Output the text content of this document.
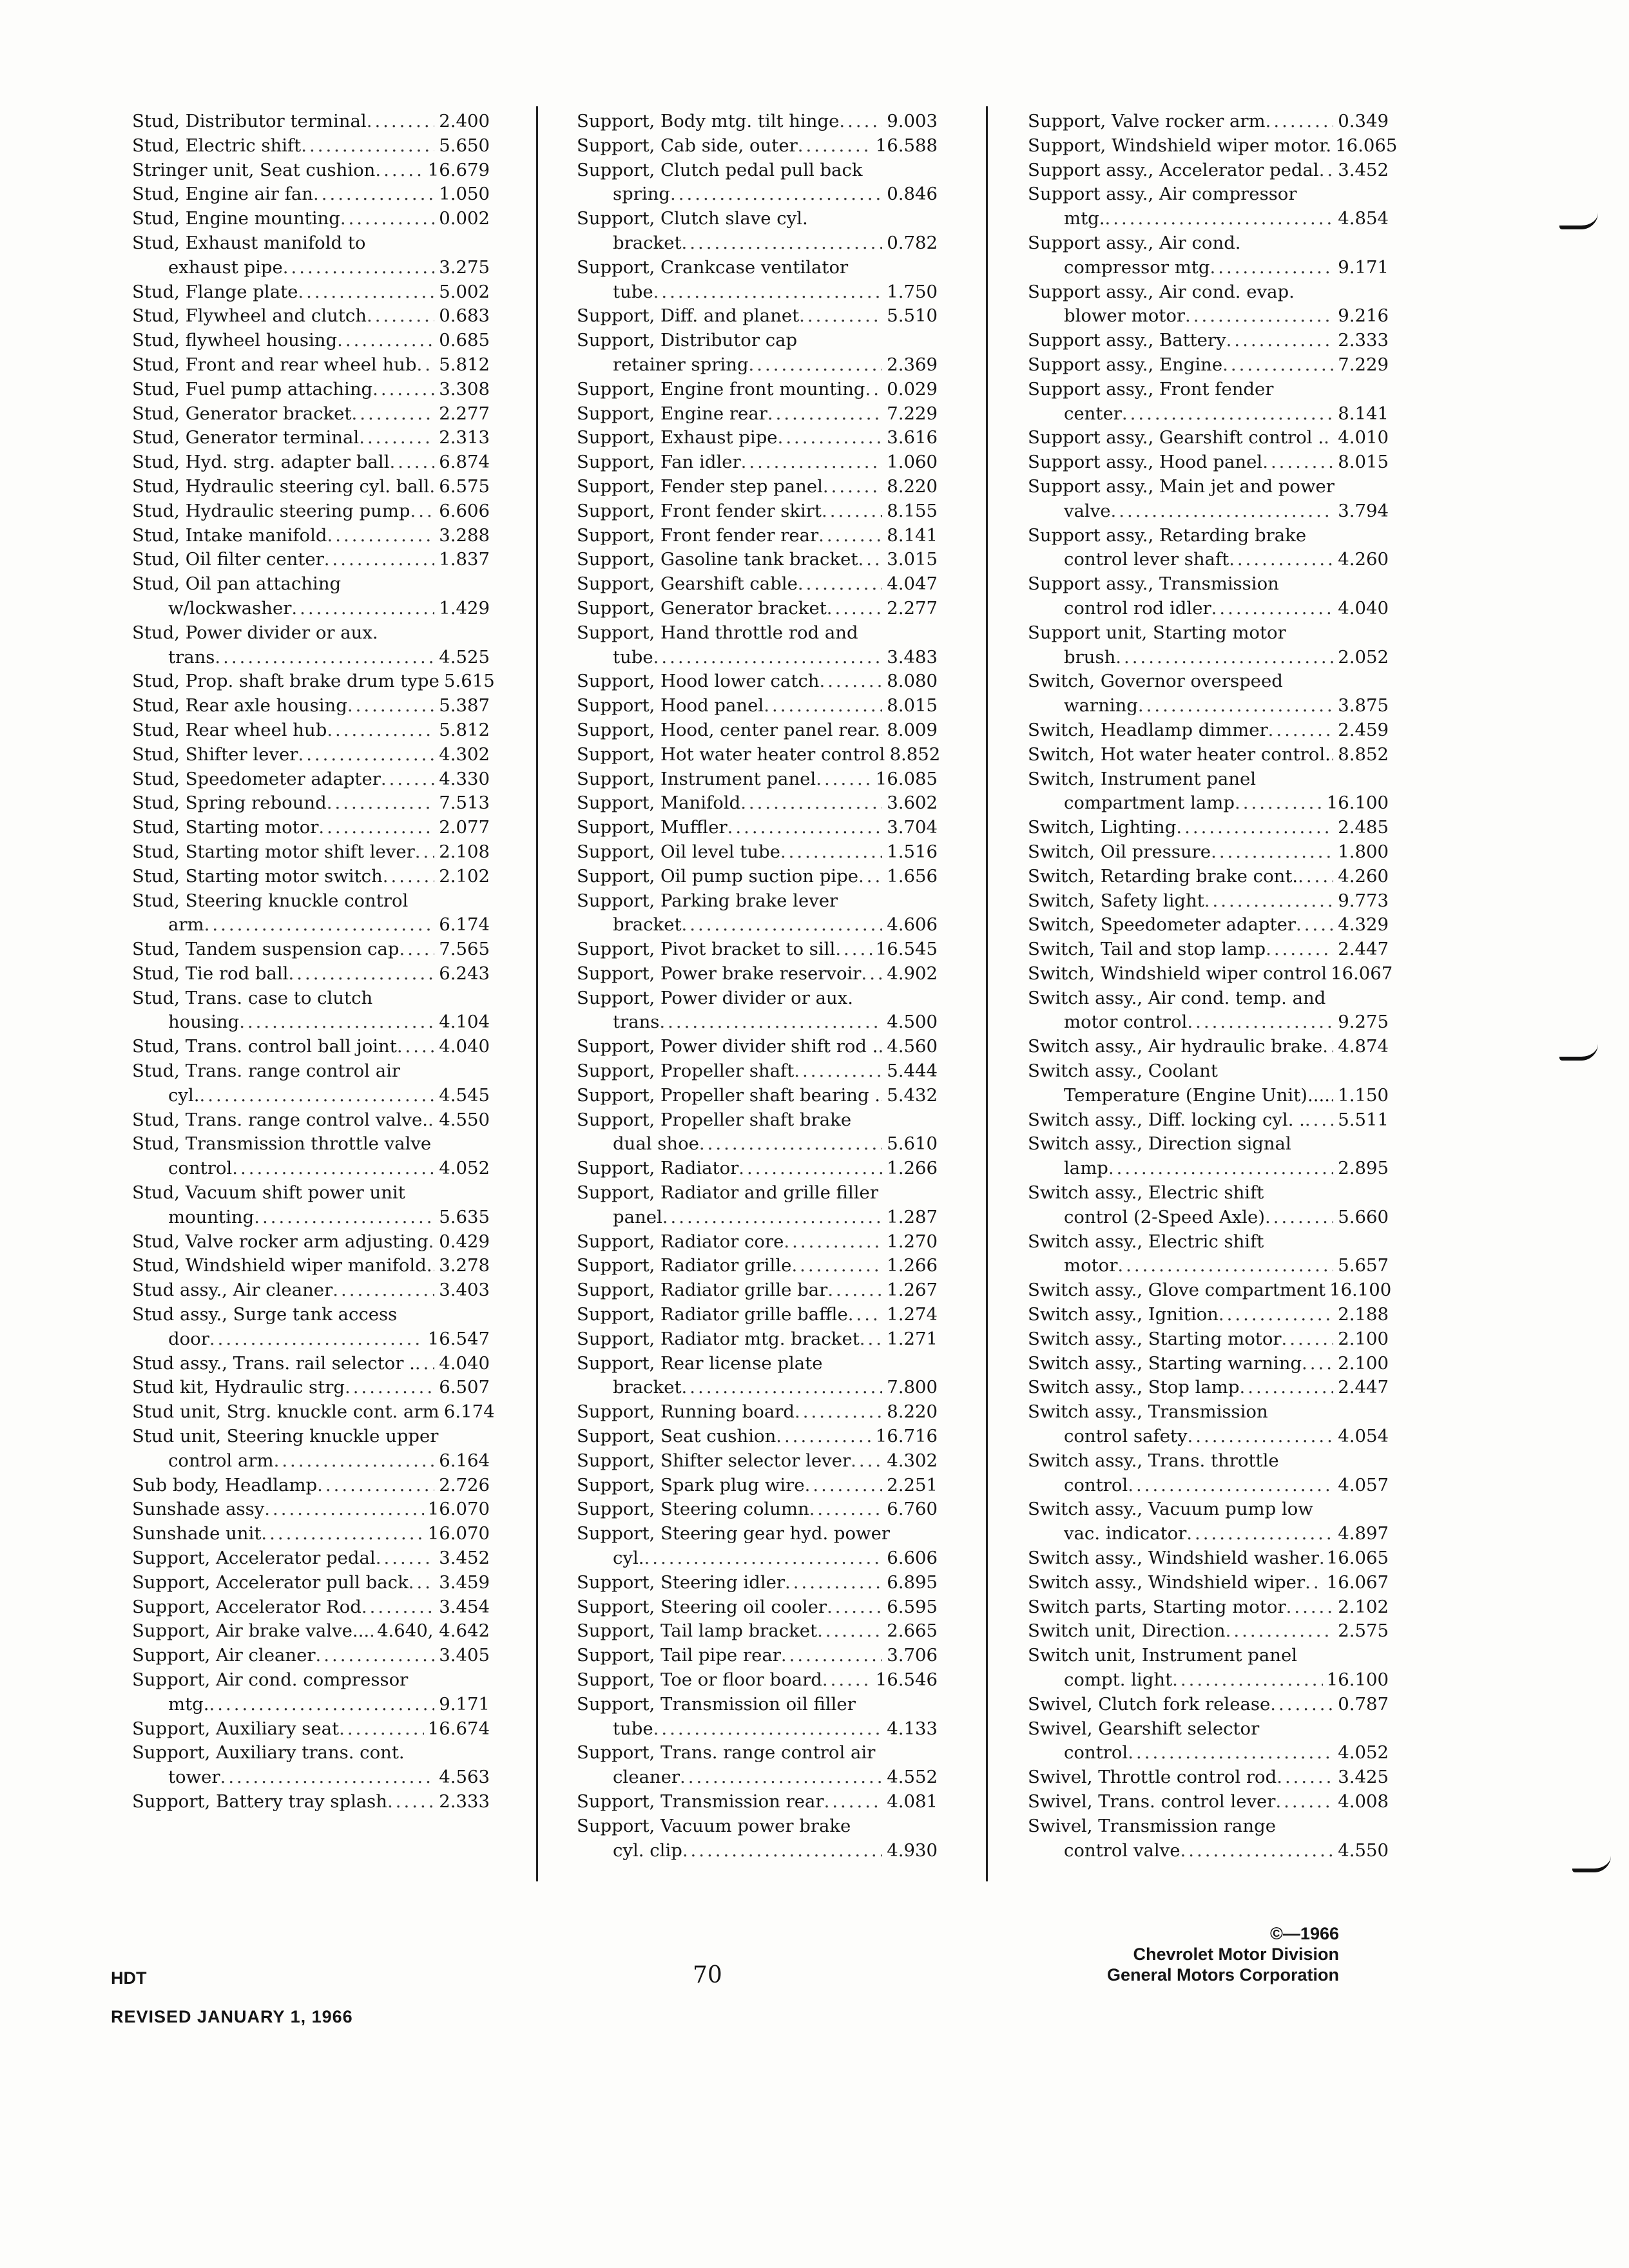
Stud, Distributor terminal .....	2.400
Stud, Electric shift .....	5.650
Stringer unit, Seat cushion .....	16.679
Stud, Engine air fan .....	1.050
Stud, Engine mounting .....	0.002
Stud, Exhaust manifold to
exhaust pipe .....	3.275
Stud, Flange plate .....	5.002
Stud, Flywheel and clutch .....	0.683
Stud, flywheel housing .....	0.685
Stud, Front and rear wheel hub ..... 5.812
Stud, Fuel pump attaching .....	3.308
Stud, Generator bracket .....	2.277
Stud, Generator terminal .....	2.313
Stud, Hyd. strg. adapter ball .....	6.874
Stud, Hydraulic steering cyl. ball ..... 6.575
Stud, Hydraulic steering pump ..... 6.606
Stud, Intake manifold .....	3.288
Stud, Oil filter center .....	1.837
Stud, Oil pan attaching
w/lockwasher .....	1.429
Stud, Power divider or aux.
trans .....	4.525
Stud, Prop. shaft brake drum type 5.615
Stud, Rear axle housing .....	5.387
Stud, Rear wheel hub .....	5.812
Stud, Shifter lever .....	4.302
Stud, Speedometer adapter .....	4.330
Stud, Spring rebound .....	7.513
Stud, Starting motor .....	2.077
Stud, Starting motor shift lever ..... 2.108
Stud, Starting motor switch .....	2.102
Stud, Steering knuckle control
arm .....	6.174
Stud, Tandem suspension cap ..... 7.565
Stud, Tie rod ball .....	6.243
Stud, Trans. case to clutch
housing .....	4.104
Stud, Trans. control ball joint ..... 4.040
Stud, Trans. range control air
cyl. .....	4.545
Stud, Trans. range control valve. ..... 4.550
Stud, Transmission throttle valve
control .....	4.052
Stud, Vacuum shift power unit
mounting .....	5.635
Stud, Valve rocker arm adjusting ..... 0.429
Stud, Windshield wiper manifold. ..... 3.278
Stud assy., Air cleaner .....	3.403
Stud assy., Surge tank access
door .....	16.547
Stud assy., Trans. rail selector . ..... 4.040
Stud kit, Hydraulic strg .....	6.507
Stud unit, Strg. knuckle cont. arm 6.174
Stud unit, Steering knuckle upper
control arm .....	6.164
Sub body, Headlamp .....	2.726
Sunshade assy .....	16.070
Sunshade unit .....	16.070
Support, Accelerator pedal .....	3.452
Support, Accelerator pull back ..... 3.459
Support, Accelerator Rod .....	3.454
Support, Air brake valve... ..... 4.640, 4.642
Support, Air cleaner .....	3.405
Support, Air cond. compressor
mtg. .....	9.171
Support, Auxiliary seat .....	16.674
Support, Auxiliary trans. cont.
tower .....	4.563
Support, Battery tray splash .....	2.333
Support, Body mtg. tilt hinge .....	9.003
Support, Cab side, outer .....	16.588
Support, Clutch pedal pull back
spring .....	0.846
Support, Clutch slave cyl.
bracket .....	0.782
Support, Crankcase ventilator
tube .....	1.750
Support, Diff. and planet .....	5.510
Support, Distributor cap
retainer spring .....	2.369
Support, Engine front mounting ..... 0.029
Support, Engine rear .....	7.229
Support, Exhaust pipe .....	3.616
Support, Fan idler .....	1.060
Support, Fender step panel .....	8.220
Support, Front fender skirt .....	8.155
Support, Front fender rear .....	8.141
Support, Gasoline tank bracket ..... 3.015
Support, Gearshift cable .....	4.047
Support, Generator bracket .....	2.277
Support, Hand throttle rod and
tube .....	3.483
Support, Hood lower catch .....	8.080
Support, Hood panel .....	8.015
Support, Hood, center panel rear. ..... 8.009
Support, Hot water heater control 8.852
Support, Instrument panel .....	16.085
Support, Manifold .....	3.602
Support, Muffler .....	3.704
Support, Oil level tube .....	1.516
Support, Oil pump suction pipe ..... 1.656
Support, Parking brake lever
bracket .....	4.606
Support, Pivot bracket to sill ..... 16.545
Support, Power brake reservoir ..... 4.902
Support, Power divider or aux.
trans .....	4.500
Support, Power divider shift rod . ..... 4.560
Support, Propeller shaft .....	5.444
Support, Propeller shaft bearing . ..... 5.432
Support, Propeller shaft brake
dual shoe .....	5.610
Support, Radiator .....	1.266
Support, Radiator and grille filler
panel .....	1.287
Support, Radiator core .....	1.270
Support, Radiator grille .....	1.266
Support, Radiator grille bar .....	1.267
Support, Radiator grille baffle ..... 1.274
Support, Radiator mtg. bracket ..... 1.271
Support, Rear license plate
bracket .....	7.800
Support, Running board .....	8.220
Support, Seat cushion .....	16.716
Support, Shifter selector lever ..... 4.302
Support, Spark plug wire .....	2.251
Support, Steering column .....	6.760
Support, Steering gear hyd. power
cyl. .....	6.606
Support, Steering idler .....	6.895
Support, Steering oil cooler .....	6.595
Support, Tail lamp bracket .....	2.665
Support, Tail pipe rear .....	3.706
Support, Toe or floor board .....	16.546
Support, Transmission oil filler
tube .....	4.133
Support, Trans. range control air
cleaner .....	4.552
Support, Transmission rear .....	4.081
Support, Vacuum power brake
cyl. clip .....	4.930
Support, Valve rocker arm .....	0.349
Support, Windshield wiper motor. 16.065
Support assy., Accelerator pedal ..... 3.452
Support assy., Air compressor
mtg. .....	4.854
Support assy., Air cond.
compressor mtg .....	9.171
Support assy., Air cond. evap.
blower motor .....	9.216
Support assy., Battery .....	2.333
Support assy., Engine .....	7.229
Support assy., Front fender
center .....	8.141
Support assy., Gearshift control . ..... 4.010
Support assy., Hood panel .....	8.015
Support assy., Main jet and power
valve .....	3.794
Support assy., Retarding brake
control lever shaft .....	4.260
Support assy., Transmission
control rod idler .....	4.040
Support unit, Starting motor
brush .....	2.052
Switch, Governor overspeed
warning .....	3.875
Switch, Headlamp dimmer .....	2.459
Switch, Hot water heater control. ..... 8.852
Switch, Instrument panel
compartment lamp .....	16.100
Switch, Lighting .....	2.485
Switch, Oil pressure .....	1.800
Switch, Retarding brake cont. ..... 4.260
Switch, Safety light .....	9.773
Switch, Speedometer adapter ..... 4.329
Switch, Tail and stop lamp .....	2.447
Switch, Windshield wiper control 16.067
Switch assy., Air cond. temp. and
motor control .....	9.275
Switch assy., Air hydraulic brake ..... 4.874
Switch assy., Coolant
Temperature (Engine Unit).... ..... 1.150
Switch assy., Diff. locking cyl. . ..... 5.511
Switch assy., Direction signal
lamp .....	2.895
Switch assy., Electric shift
control (2-Speed Axle) .....	5.660
Switch assy., Electric shift
motor .....	5.657
Switch assy., Glove compartment 16.100
Switch assy., Ignition .....	2.188
Switch assy., Starting motor .....	2.100
Switch assy., Starting warning ..... 2.100
Switch assy., Stop lamp .....	2.447
Switch assy., Transmission
control safety .....	4.054
Switch assy., Trans. throttle
control .....	4.057
Switch assy., Vacuum pump low
vac. indicator .....	4.897
Switch assy., Windshield washer ..... 16.065
Switch assy., Windshield wiper ..... 16.067
Switch parts, Starting motor .....	2.102
Switch unit, Direction .....	2.575
Switch unit, Instrument panel
compt. light .....	16.100
Swivel, Clutch fork release .....	0.787
Swivel, Gearshift selector
control .....	4.052
Swivel, Throttle control rod .....	3.425
Swivel, Trans. control lever .....	4.008
Swivel, Transmission range
control valve .....	4.550
HDT
REVISED JANUARY 1, 1966
70
©—1966
Chevrolet Motor Division
General Motors Corporation
